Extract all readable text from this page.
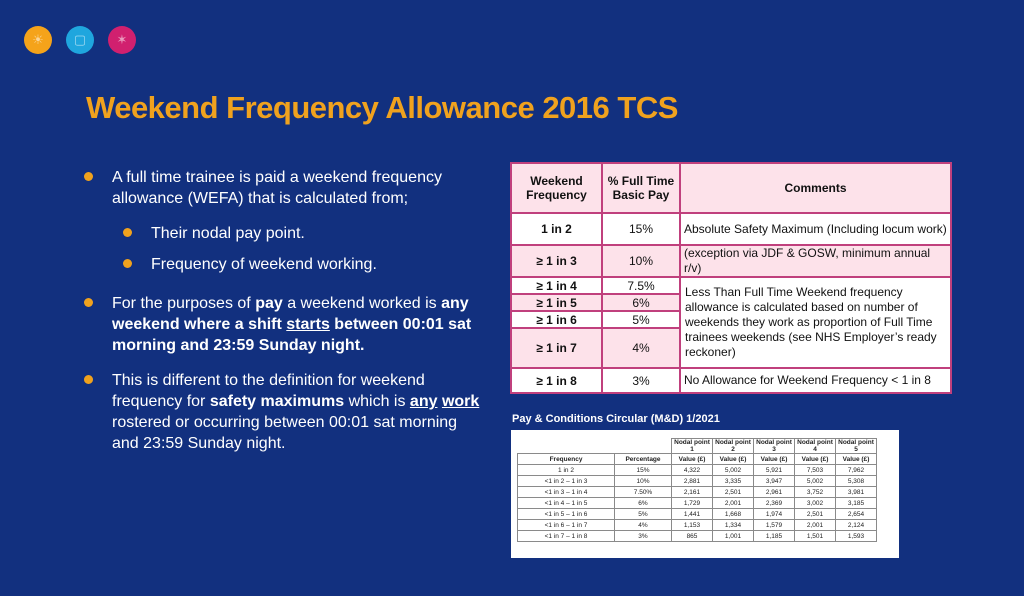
☀	▢	✶
Weekend Frequency Allowance 2016 TCS
A full time trainee is paid a weekend frequency allowance (WEFA) that is calculated from;
Their nodal pay point.
Frequency of weekend working.
For the purposes of pay a weekend worked is any weekend where a shift starts between 00:01 sat morning and 23:59 Sunday night.
This is different to the definition for weekend frequency for safety maximums which is any work rostered or occurring between 00:01 sat morning and 23:59 Sunday night.
Weekend Frequency	% Full Time Basic Pay	Comments
1 in 2	15%	Absolute Safety Maximum (Including locum work)
≥ 1 in 3	10%	(exception via JDF & GOSW, minimum annual r/v)
≥ 1 in 4	7.5%	Less Than Full Time Weekend frequency allowance is calculated based on number of weekends they work as proportion of Full Time trainees weekends (see NHS Employer’s ready reckoner)
≥ 1 in 5	6%	
≥ 1 in 6	5%	
≥ 1 in 7	4%	
≥ 1 in 8	3%	No Allowance for Weekend Frequency < 1 in 8
Pay & Conditions Circular (M&D) 1/2021
		Nodal point 1	Nodal point 2	Nodal point 3	Nodal point 4	Nodal point 5
Frequency	Percentage	Value (£)	Value (£)	Value (£)	Value (£)	Value (£)
1 in 2	15%	4,322	5,002	5,921	7,503	7,962
<1 in 2 – 1 in 3	10%	2,881	3,335	3,947	5,002	5,308
<1 in 3 – 1 in 4	7.50%	2,161	2,501	2,961	3,752	3,981
<1 in 4 – 1 in 5	6%	1,729	2,001	2,369	3,002	3,185
<1 in 5 – 1 in 6	5%	1,441	1,668	1,974	2,501	2,654
<1 in 6 – 1 in 7	4%	1,153	1,334	1,579	2,001	2,124
<1 in 7 – 1 in 8	3%	865	1,001	1,185	1,501	1,593
